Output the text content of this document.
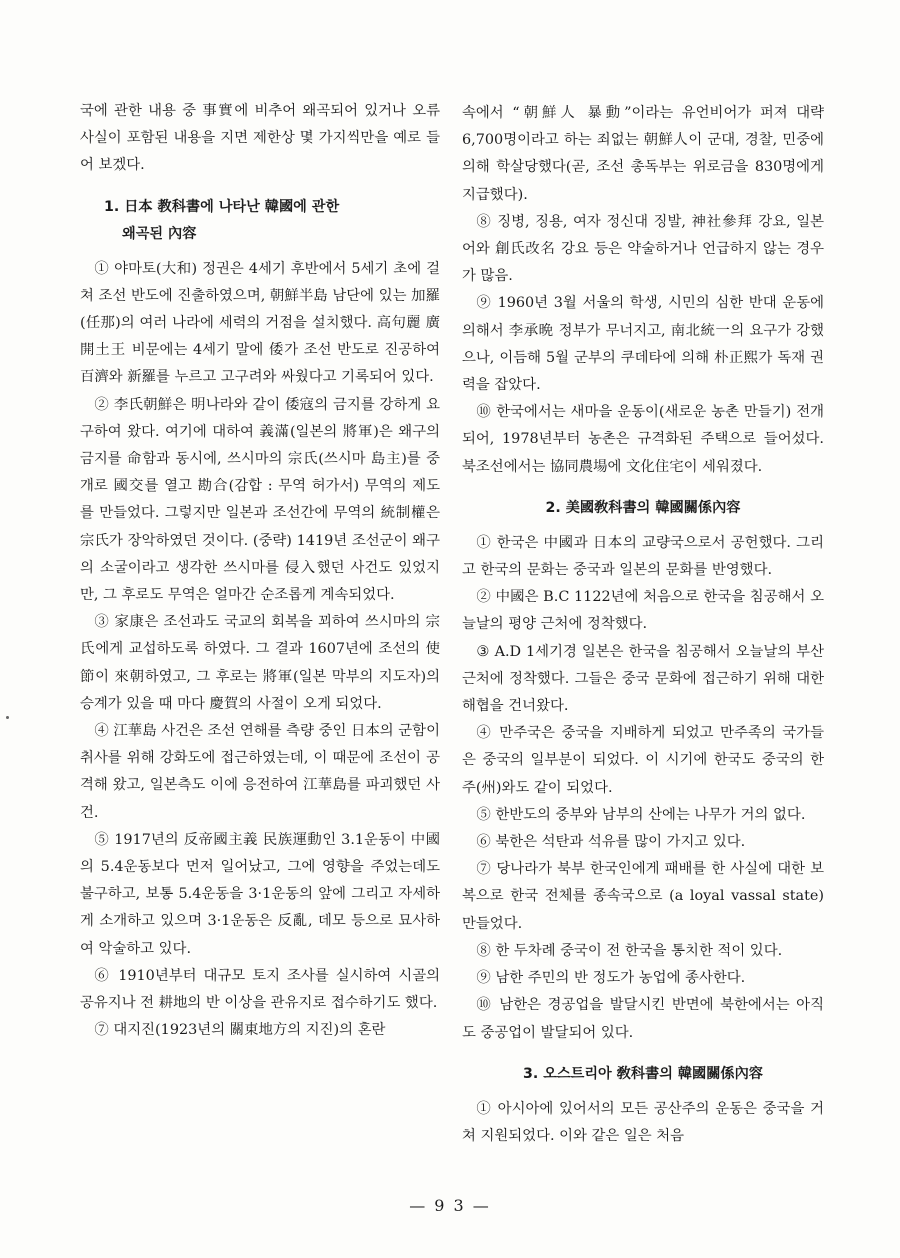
국에 관한 내용 중 事實에 비추어 왜곡되어 있거나 오류 사실이 포함된 내용을 지면 제한상 몇 가지씩만을 예로 들어 보겠다.

1. 日本 教科書에 나타난 韓國에 관한
왜곡된 內容

① 야마토(大和) 정권은 4세기 후반에서 5세기 초에 걸쳐 조선 반도에 진출하였으며, 朝鮮半島 남단에 있는 加羅(任那)의 여러 나라에 세력의 거점을 설치했다. 高句麗 廣開土王 비문에는 4세기 말에 倭가 조선 반도로 진공하여 百濟와 新羅를 누르고 고구려와 싸웠다고 기록되어 있다.

② 李氏朝鮮은 明나라와 같이 倭寇의 금지를 강하게 요구하여 왔다. 여기에 대하여 義滿(일본의 將軍)은 왜구의 금지를 命함과 동시에, 쓰시마의 宗氏(쓰시마 島主)를 중개로 國交를 열고 勘合(감합 : 무역 허가서) 무역의 제도를 만들었다. 그렇지만 일본과 조선간에 무역의 統制權은 宗氏가 장악하였던 것이다. (중략) 1419년 조선군이 왜구의 소굴이라고 생각한 쓰시마를 侵入했던 사건도 있었지만, 그 후로도 무역은 얼마간 순조롭게 계속되었다.

③ 家康은 조선과도 국교의 회복을 꾀하여 쓰시마의 宗氏에게 교섭하도록 하였다. 그 결과 1607년에 조선의 使節이 來朝하였고, 그 후로는 將軍(일본 막부의 지도자)의 승계가 있을 때 마다 慶賀의 사절이 오게 되었다.

④ 江華島 사건은 조선 연해를 측량 중인 日本의 군함이 취사를 위해 강화도에 접근하였는데, 이 때문에 조선이 공격해 왔고, 일본측도 이에 응전하여 江華島를 파괴했던 사건.

⑤ 1917년의 反帝國主義 民族運動인 3.1운동이 中國의 5.4운동보다 먼저 일어났고, 그에 영향을 주었는데도 불구하고, 보통 5.4운동을 3·1운동의 앞에 그리고 자세하게 소개하고 있으며 3·1운동은 反亂, 데모 등으로 묘사하여 악술하고 있다.

⑥ 1910년부터 대규모 토지 조사를 실시하여 시골의 공유지나 전 耕地의 반 이상을 관유지로 접수하기도 했다.

⑦ 대지진(1923년의 關東地方의 지진)의 혼란

속에서 “朝鮮人 暴動”이라는 유언비어가 퍼져 대략 6,700명이라고 하는 죄없는 朝鮮人이 군대, 경찰, 민중에 의해 학살당했다(곧, 조선 총독부는 위로금을 830명에게 지급했다).

⑧ 징병, 징용, 여자 정신대 징발, 神社參拜 강요, 일본어와 創氏改名 강요 등은 약술하거나 언급하지 않는 경우가 많음.

⑨ 1960년 3월 서울의 학생, 시민의 심한 반대 운동에 의해서 李承晩 정부가 무너지고, 南北統一의 요구가 강했으나, 이듬해 5월 군부의 쿠데타에 의해 朴正熙가 독재 권력을 잡았다.

⑩ 한국에서는 새마을 운동이(새로운 농촌 만들기) 전개되어, 1978년부터 농촌은 규격화된 주택으로 들어섰다. 북조선에서는 協同農場에 文化住宅이 세워졌다.

2. 美國敎科書의 韓國關係內容

① 한국은 中國과 日本의 교량국으로서 공헌했다. 그리고 한국의 문화는 중국과 일본의 문화를 반영했다.

② 中國은 B.C 1122년에 처음으로 한국을 침공해서 오늘날의 평양 근처에 정착했다.

③ A.D 1세기경 일본은 한국을 침공해서 오늘날의 부산 근처에 정착했다. 그들은 중국 문화에 접근하기 위해 대한 해협을 건너왔다.

④ 만주국은 중국을 지배하게 되었고 만주족의 국가들은 중국의 일부분이 되었다. 이 시기에 한국도 중국의 한 주(州)와도 같이 되었다.

⑤ 한반도의 중부와 남부의 산에는 나무가 거의 없다.

⑥ 북한은 석탄과 석유를 많이 가지고 있다.

⑦ 당나라가 북부 한국인에게 패배를 한 사실에 대한 보복으로 한국 전체를 종속국으로 (a loyal vassal state) 만들었다.

⑧ 한 두차례 중국이 전 한국을 통치한 적이 있다.

⑨ 남한 주민의 반 정도가 농업에 종사한다.

⑩ 남한은 경공업을 발달시킨 반면에 북한에서는 아직도 중공업이 발달되어 있다.

3. 오스트리아 敎科書의 韓國關係內容

① 아시아에 있어서의 모든 공산주의 운동은 중국을 거쳐 지원되었다. 이와 같은 일은 처음

— 9 3 —
